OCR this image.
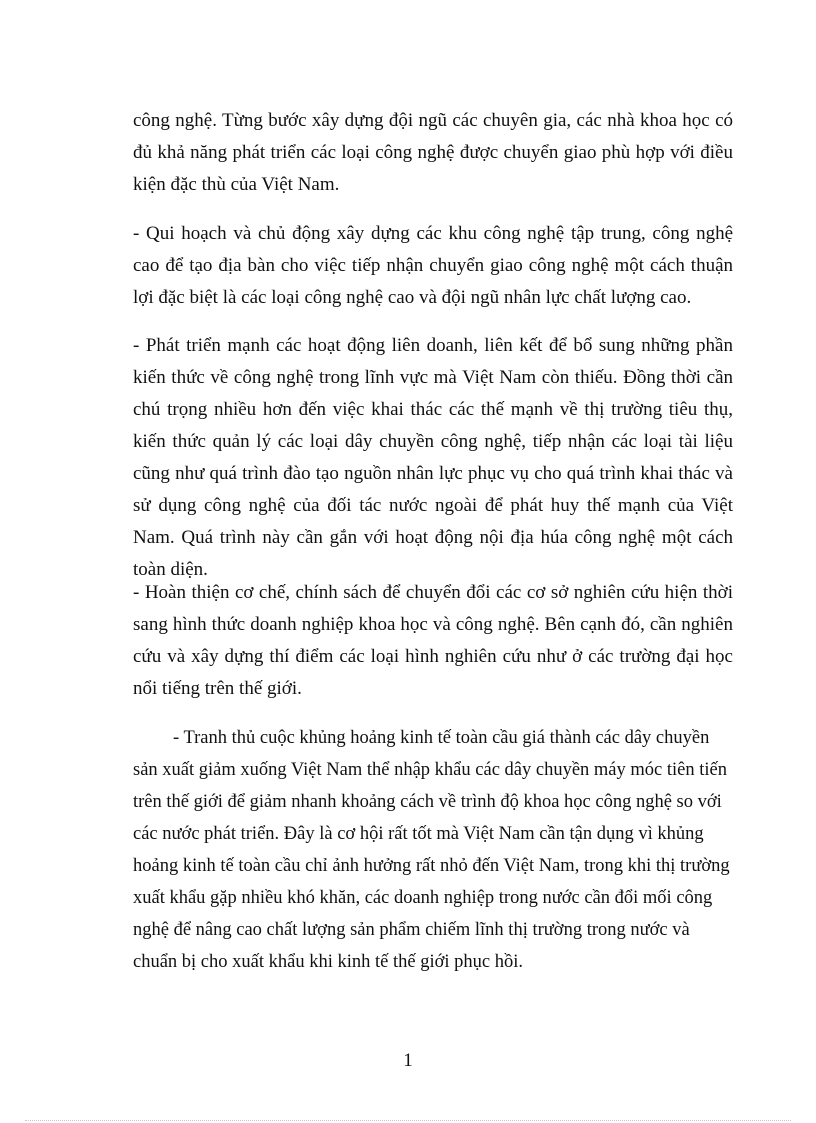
công nghệ. Từng bước xây dựng đội ngũ các chuyên gia, các nhà khoa học có đủ khả năng phát triển các loại công nghệ được chuyển giao phù hợp với điều kiện đặc thù của Việt Nam.

- Qui hoạch và chủ động xây dựng các khu công nghệ tập trung, công nghệ cao để tạo địa bàn cho việc tiếp nhận chuyển giao công nghệ một cách thuận lợi đặc biệt là các loại công nghệ cao và đội ngũ nhân lực chất lượng cao.

- Phát triển mạnh các hoạt động liên doanh, liên kết để bổ sung những phần kiến thức về công nghệ trong lĩnh vực mà Việt Nam còn thiếu. Đồng thời cần chú trọng nhiều hơn đến việc khai thác các thế mạnh về thị trường tiêu thụ, kiến thức quản lý các loại dây chuyền công nghệ, tiếp nhận các loại tài liệu cũng như quá trình đào tạo nguồn nhân lực phục vụ cho quá trình khai thác và sử dụng công nghệ của đối tác nước ngoài để phát huy thế mạnh của Việt Nam. Quá trình này cần gắn với hoạt động nội địa húa công nghệ một cách toàn diện.

- Hoàn thiện cơ chế, chính sách để chuyển đổi các cơ sở nghiên cứu hiện thời sang hình thức doanh nghiệp khoa học và công nghệ. Bên cạnh đó, cần nghiên cứu và xây dựng thí điểm các loại hình nghiên cứu như ở các trường đại học nổi tiếng trên thế giới.

- Tranh thủ cuộc khủng hoảng kinh tế toàn cầu giá thành các dây chuyền sản xuất giảm xuống Việt Nam thể nhập khẩu các dây chuyền máy móc tiên tiến trên thế giới để giảm nhanh khoảng cách về trình độ khoa học công nghệ so với các nước phát triển. Đây là cơ hội rất tốt mà Việt Nam cần tận dụng vì khủng hoảng kinh tế toàn cầu chỉ ảnh hưởng rất nhỏ đến Việt Nam, trong khi thị trường xuất khẩu gặp nhiều khó khăn, các doanh nghiệp trong nước cần đổi mối công nghệ để nâng cao chất lượng sản phẩm chiếm lĩnh thị trường trong nước và chuẩn bị cho xuất khẩu khi kinh tế thế giới phục hồi.

1
